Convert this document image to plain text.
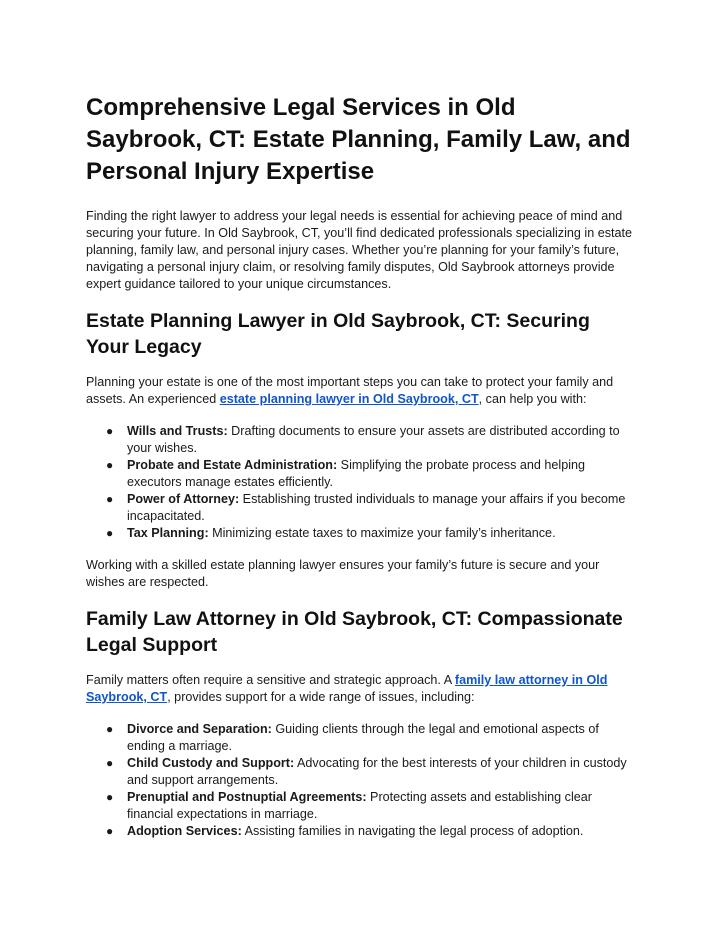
Comprehensive Legal Services in Old Saybrook, CT: Estate Planning, Family Law, and Personal Injury Expertise

Finding the right lawyer to address your legal needs is essential for achieving peace of mind and securing your future. In Old Saybrook, CT, you’ll find dedicated professionals specializing in estate planning, family law, and personal injury cases. Whether you’re planning for your family’s future, navigating a personal injury claim, or resolving family disputes, Old Saybrook attorneys provide expert guidance tailored to your unique circumstances.

Estate Planning Lawyer in Old Saybrook, CT: Securing Your Legacy

Planning your estate is one of the most important steps you can take to protect your family and assets. An experienced estate planning lawyer in Old Saybrook, CT, can help you with:

● Wills and Trusts: Drafting documents to ensure your assets are distributed according to your wishes.
● Probate and Estate Administration: Simplifying the probate process and helping executors manage estates efficiently.
● Power of Attorney: Establishing trusted individuals to manage your affairs if you become incapacitated.
● Tax Planning: Minimizing estate taxes to maximize your family’s inheritance.

Working with a skilled estate planning lawyer ensures your family’s future is secure and your wishes are respected.

Family Law Attorney in Old Saybrook, CT: Compassionate Legal Support

Family matters often require a sensitive and strategic approach. A family law attorney in Old Saybrook, CT, provides support for a wide range of issues, including:

● Divorce and Separation: Guiding clients through the legal and emotional aspects of ending a marriage.
● Child Custody and Support: Advocating for the best interests of your children in custody and support arrangements.
● Prenuptial and Postnuptial Agreements: Protecting assets and establishing clear financial expectations in marriage.
● Adoption Services: Assisting families in navigating the legal process of adoption.
